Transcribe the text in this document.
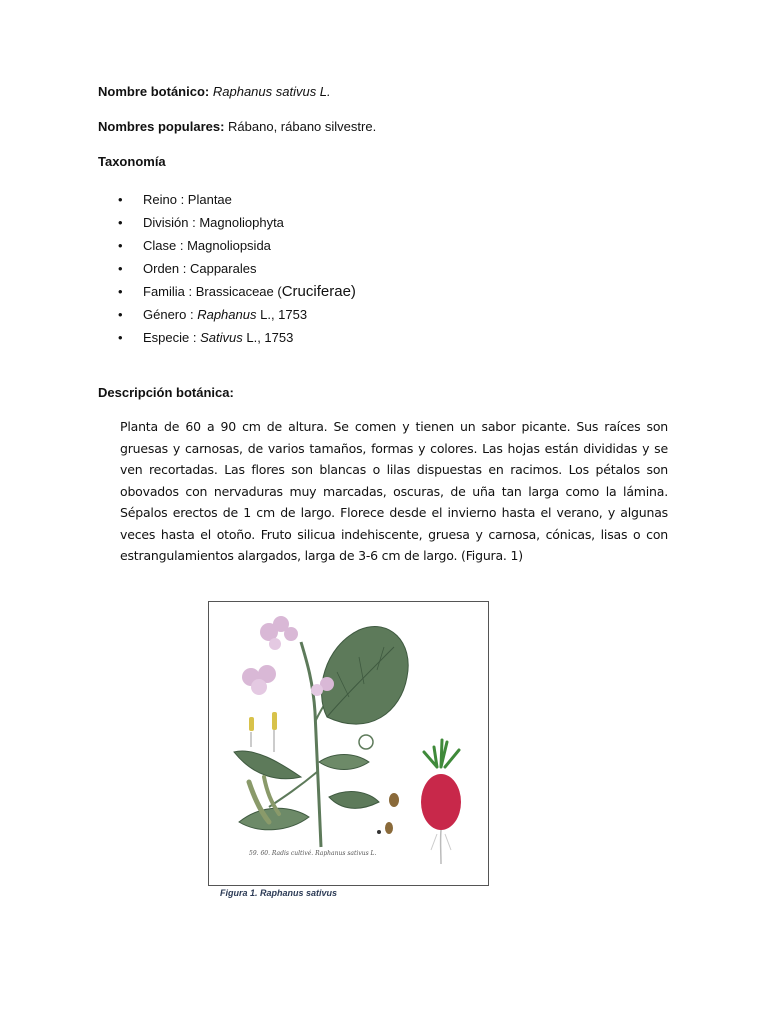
Nombre botánico: Raphanus sativus L.
Nombres populares: Rábano, rábano silvestre.
Taxonomía
• Reino : Plantae
• División : Magnoliophyta
• Clase : Magnoliopsida
• Orden : Capparales
• Familia : Brassicaceae (Cruciferae)
• Género : Raphanus L., 1753
• Especie : Sativus L., 1753
Descripción botánica:

Planta de 60 a 90 cm de altura. Se comen y tienen un sabor picante. Sus raíces son gruesas y carnosas, de varios tamaños, formas y colores. Las hojas están divididas y se ven recortadas. Las flores son blancas o lilas dispuestas en racimos. Los pétalos son obovados con nervaduras muy marcadas, oscuras, de uña tan larga como la lámina. Sépalos erectos de 1 cm de largo. Florece desde el invierno hasta el verano, y algunas veces hasta el otoño. Fruto silicua indehiscente, gruesa y carnosa, cónicas, lisas o con estrangulamientos alargados, larga de 3-6 cm de largo. (Figura. 1)

59. 60. Radis cultivé. Raphanus sativus L.
Figura 1. Raphanus sativus
